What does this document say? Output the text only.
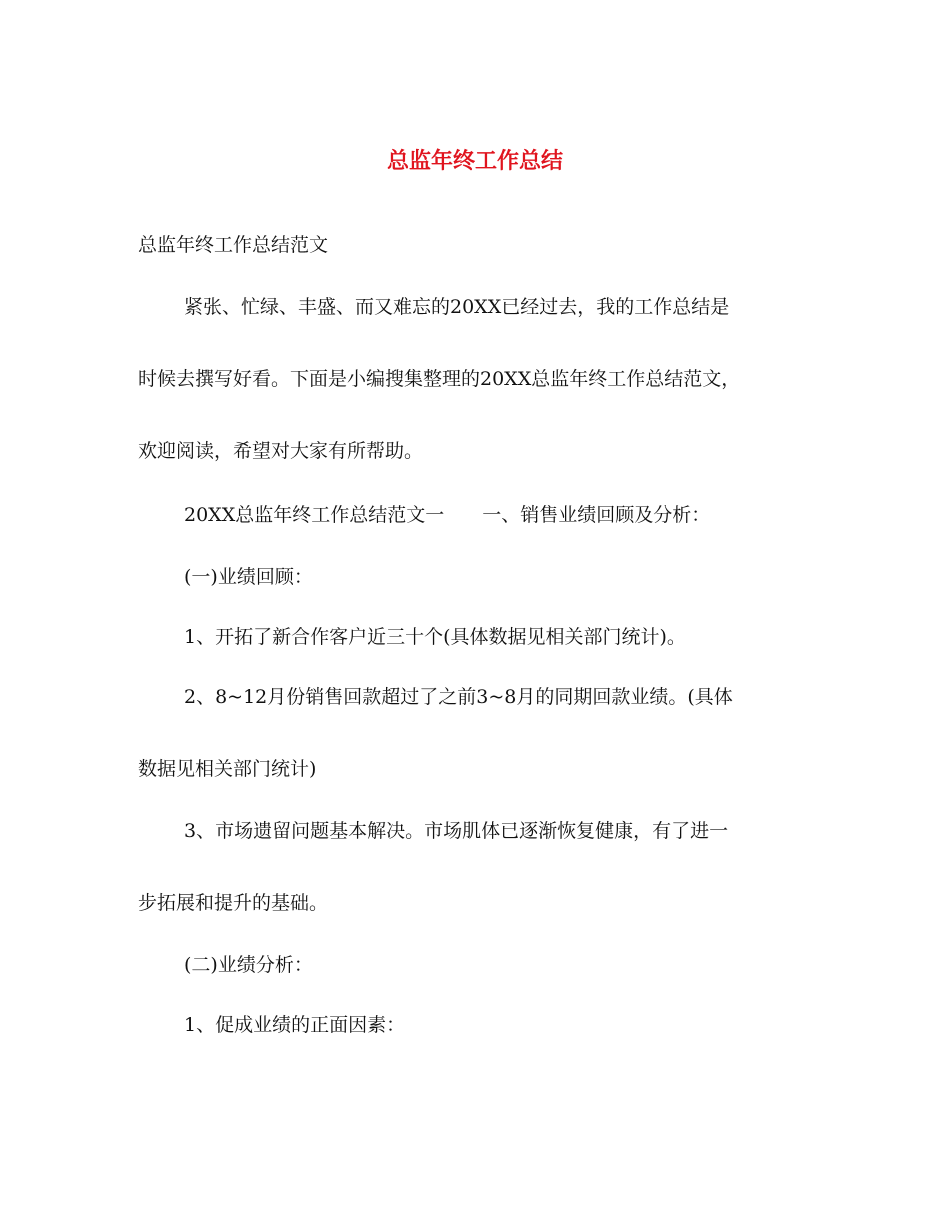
总监年终工作总结
总监年终工作总结范文
紧张、忙绿、丰盛、而又难忘的20XX已经过去，我的工作总结是
时候去撰写好看。下面是小编搜集整理的20XX总监年终工作总结范文，
欢迎阅读，希望对大家有所帮助。
20XX总监年终工作总结范文一　　一、销售业绩回顾及分析：
(一)业绩回顾：
1、开拓了新合作客户近三十个(具体数据见相关部门统计)。
2、8~12月份销售回款超过了之前3~8月的同期回款业绩。(具体
数据见相关部门统计)
3、市场遗留问题基本解决。市场肌体已逐渐恢复健康，有了进一
步拓展和提升的基础。
(二)业绩分析：
1、促成业绩的正面因素：
